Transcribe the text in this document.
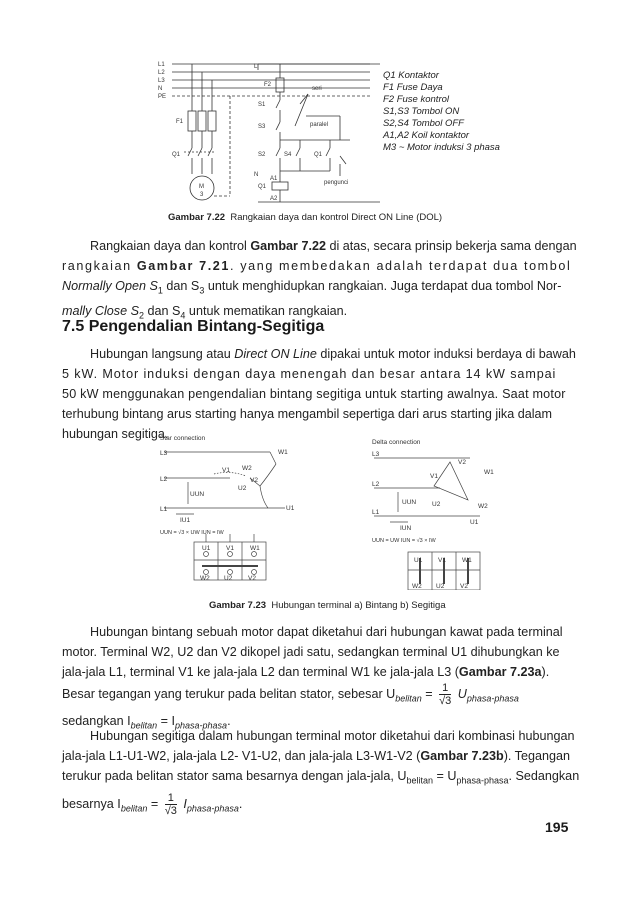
L1
L2
L3
N
PE
F1
Q1
M
3
L
F2
S1
S3
S2	S4	Q1
A1
Q1
A2
N
seri
paralel
pengunci
Q1 Kontaktor
F1 Fuse Daya
F2 Fuse kontrol
S1,S3 Tombol ON
S2,S4 Tombol OFF
A1,A2 Koil kontaktor
M3 ~ Motor induksi 3 phasa
Gambar 7.22 Rangkaian daya dan kontrol Direct ON Line (DOL)
Rangkaian daya dan kontrol Gambar 7.22 di atas, secara prinsip bekerja sama dengan
rangkaian Gambar 7.21. yang membedakan adalah terdapat dua tombol
Normally Open $S_1$ dan $S_3$ untuk menghidupkan rangkaian. Juga terdapat dua tombol Nor-
mally Close $S_2$ dan $S_4$ untuk mematikan rangkaian.
7.5 Pengendalian Bintang-Segitiga
Hubungan langsung atau Direct ON Line dipakai untuk motor induksi berdaya di bawah
5 kW. Motor induksi dengan daya menengah dan besar antara 14 kW sampai
50 kW menggunakan pengendalian bintang segitiga untuk starting awalnya. Saat motor
terhubung bintang arus starting hanya mengambil sepertiga dari arus starting jika dalam
hubungan segitiga.
Star connection
L3
L2
L1
W1
V1 W2
V2
U2
U1
UUN
IU1
UUN = √3 × UW IUN = IW
U1 V1 W1
W2 U2 V2
Delta connection
L3
L2
L1
V2
W1
V1
U2	W2
U1
UUN
IUN
UUN = UW IUN = √3 × IW
U1 V1 W1
W2 U2 V2
Gambar 7.23 Hubungan terminal a) Bintang b) Segitiga
Hubungan bintang sebuah motor dapat diketahui dari hubungan kawat pada terminal
motor. Terminal W2, U2 dan V2 dikopel jadi satu, sedangkan terminal U1 dihubungkan ke
jala-jala L1, terminal V1 ke jala-jala L2 dan terminal W1 ke jala-jala L3 (Gambar 7.23a).
Besar tegangan yang terukur pada belitan stator, sebesar $U_{belitan} = \frac{1}{√3} U_{phasa-phasa}$
sedangkan $I_{belitan} = I_{phasa-phasa}$.
Hubungan segitiga dalam hubungan terminal motor diketahui dari kombinasi hubungan
jala-jala L1-U1-W2, jala-jala L2- V1-U2, dan jala-jala L3-W1-V2 (Gambar 7.23b). Tegangan
terukur pada belitan stator sama besarnya dengan jala-jala, $U_{belitan} = U_{phasa-phasa}$. Sedangkan
besarnya $I_{belitan} = \frac{1}{√3} I_{phasa-phasa}$.
195
